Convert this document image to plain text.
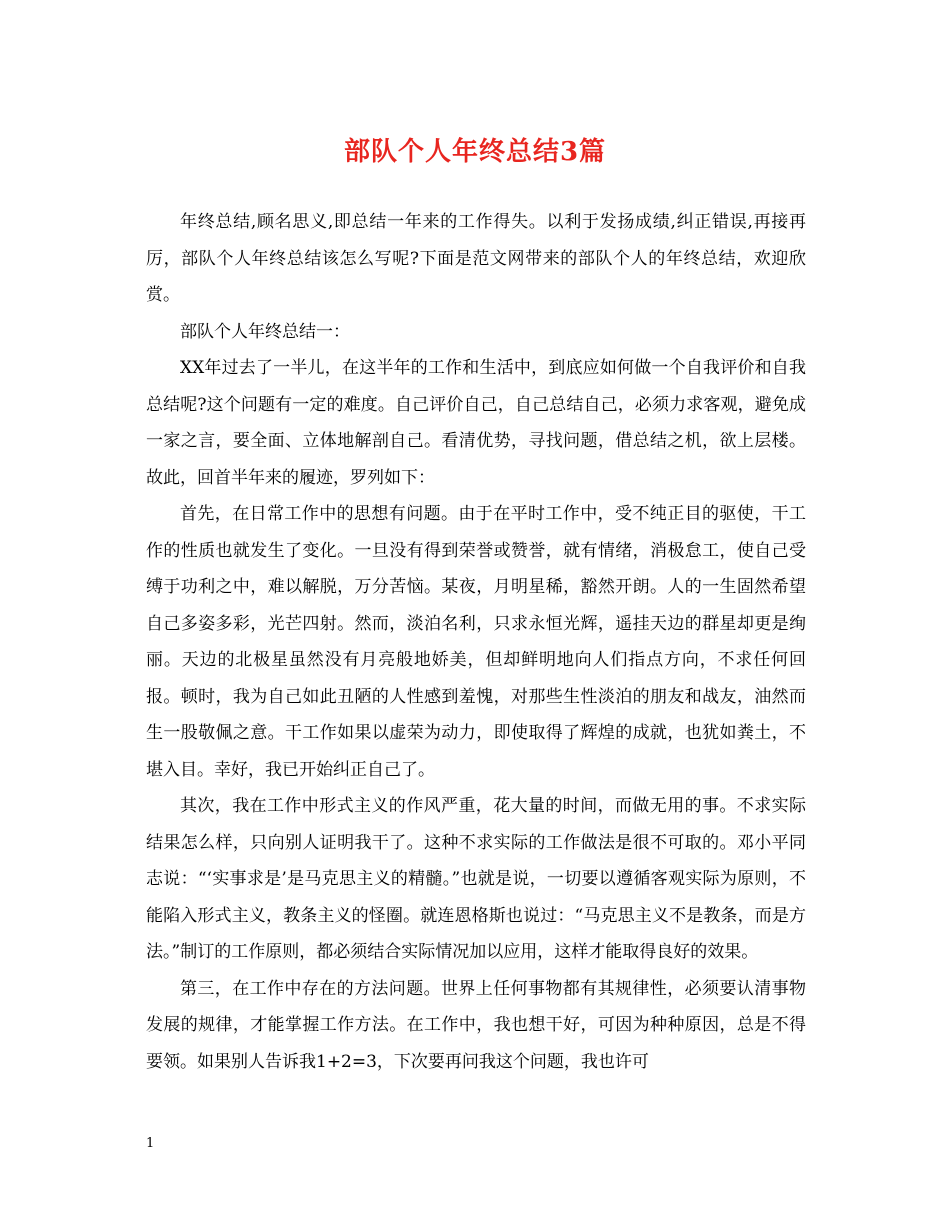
部队个人年终总结3篇

年终总结,顾名思义,即总结一年来的工作得失。以利于发扬成绩,纠正错误,再接再厉，部队个人年终总结该怎么写呢?下面是范文网带来的部队个人的年终总结，欢迎欣赏。

部队个人年终总结一：

XX年过去了一半儿，在这半年的工作和生活中，到底应如何做一个自我评价和自我总结呢?这个问题有一定的难度。自己评价自己，自己总结自己，必须力求客观，避免成一家之言，要全面、立体地解剖自己。看清优势，寻找问题，借总结之机，欲上层楼。故此，回首半年来的履迹，罗列如下：

首先，在日常工作中的思想有问题。由于在平时工作中，受不纯正目的驱使，干工作的性质也就发生了变化。一旦没有得到荣誉或赞誉，就有情绪，消极怠工，使自己受缚于功利之中，难以解脱，万分苦恼。某夜，月明星稀，豁然开朗。人的一生固然希望自己多姿多彩，光芒四射。然而，淡泊名利，只求永恒光辉，遥挂天边的群星却更是绚丽。天边的北极星虽然没有月亮般地娇美，但却鲜明地向人们指点方向，不求任何回报。顿时，我为自己如此丑陋的人性感到羞愧，对那些生性淡泊的朋友和战友，油然而生一股敬佩之意。干工作如果以虚荣为动力，即使取得了辉煌的成就，也犹如粪土，不堪入目。幸好，我已开始纠正自己了。

其次，我在工作中形式主义的作风严重，花大量的时间，而做无用的事。不求实际结果怎么样，只向别人证明我干了。这种不求实际的工作做法是很不可取的。邓小平同志说：“‘实事求是’是马克思主义的精髓。”也就是说，一切要以遵循客观实际为原则，不能陷入形式主义，教条主义的怪圈。就连恩格斯也说过：“马克思主义不是教条，而是方法。”制订的工作原则，都必须结合实际情况加以应用，这样才能取得良好的效果。

第三，在工作中存在的方法问题。世界上任何事物都有其规律性，必须要认清事物发展的规律，才能掌握工作方法。在工作中，我也想干好，可因为种种原因，总是不得要领。如果别人告诉我1+2=3，下次要再问我这个问题，我也许可

1
